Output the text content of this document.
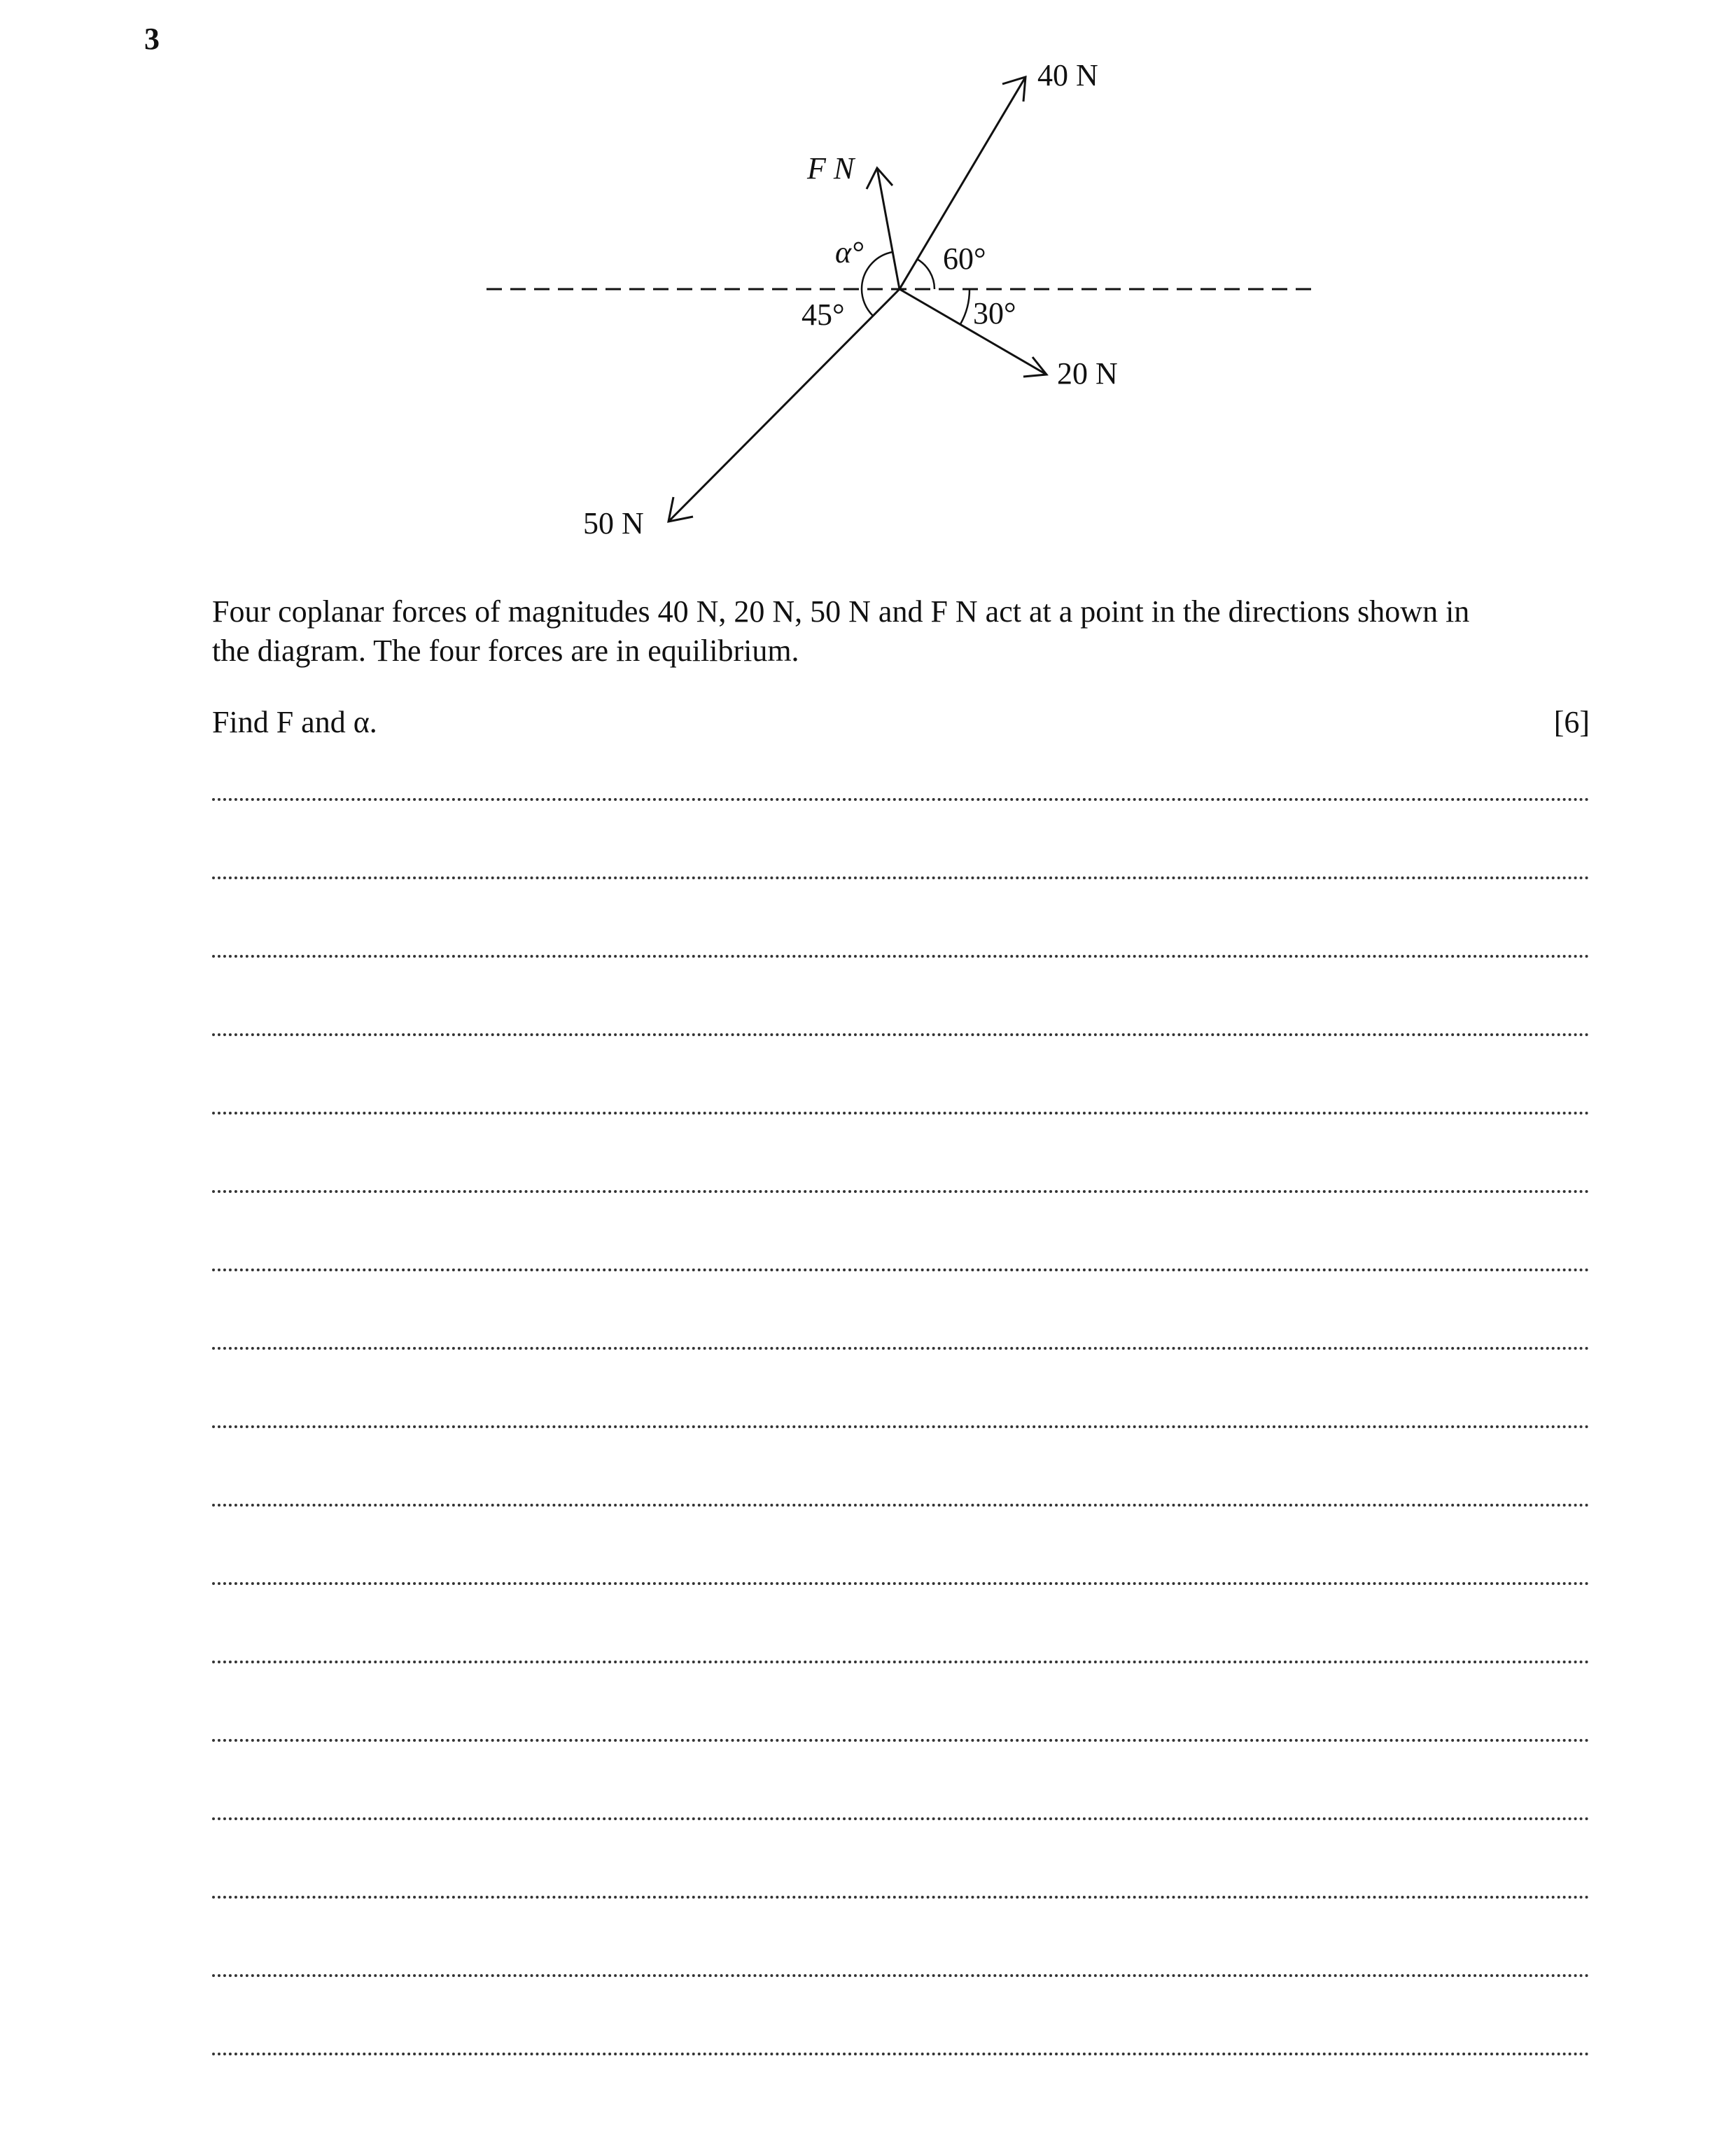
3
40 N
F N
20 N
50 N
α°	60°
45°	30°
Four coplanar forces of magnitudes 40 N, 20 N, 50 N and F N act at a point in the directions shown in
the diagram. The four forces are in equilibrium.
Find F and α.	[6]
